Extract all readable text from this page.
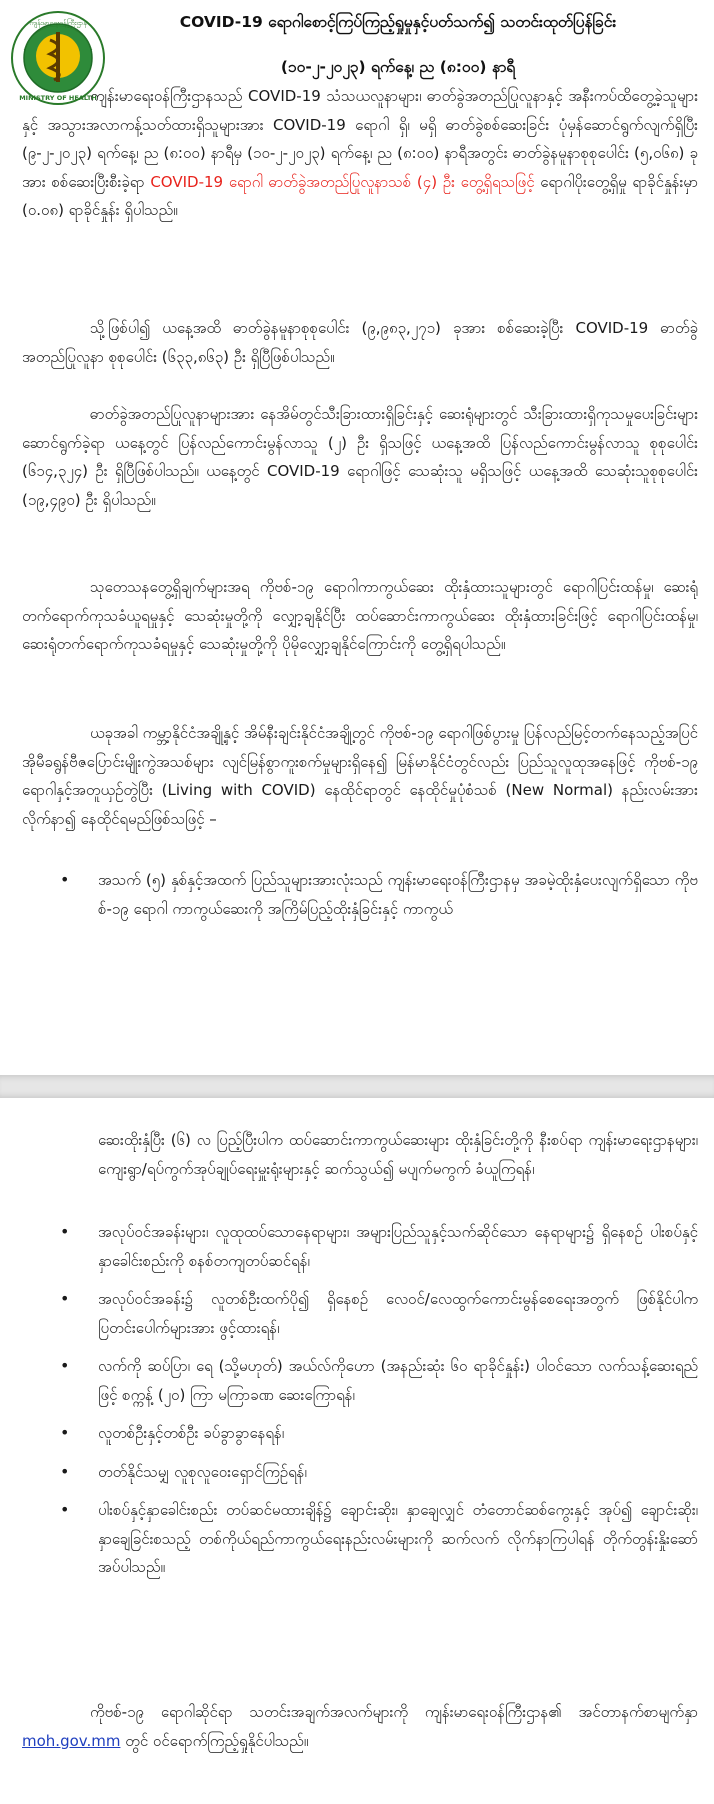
ကျန်းမာရေးဝန်ကြီးဌာန
MINISTRY OF HEALTH
COVID-19 ရောဂါစောင့်ကြပ်ကြည့်ရှုမှုနှင့်ပတ်သက်၍ သတင်းထုတ်ပြန်ခြင်း
(၁၀-၂-၂၀၂၃) ရက်နေ့၊ ည (၈:၀၀) နာရီ

ကျန်းမာရေးဝန်ကြီးဌာနသည် COVID-19 သံသယလူနာများ၊ ဓာတ်ခွဲအတည်ပြုလူနာနှင့် အနီးကပ်ထိတွေ့ခဲ့သူများနှင့် အသွားအလာကန့်သတ်ထားရှိသူများအား COVID-19 ရောဂါ ရှိ၊ မရှိ ဓာတ်ခွဲစစ်ဆေးခြင်း ပုံမှန်ဆောင်ရွက်လျက်ရှိပြီး (၉-၂-၂၀၂၃) ရက်နေ့၊ ည (၈:၀၀) နာရီမှ (၁၀-၂-၂၀၂၃) ရက်နေ့၊ ည (၈:၀၀) နာရီအတွင်း ဓာတ်ခွဲနမူနာစုစုပေါင်း (၅,၀၆၈) ခုအား စစ်ဆေးပြီးစီးခဲ့ရာ COVID-19 ရောဂါ ဓာတ်ခွဲအတည်ပြုလူနာသစ် (၄) ဦး တွေ့ရှိရသဖြင့် ရောဂါပိုးတွေ့ရှိမှု ရာခိုင်နှုန်းမှာ (၀.၀၈) ရာခိုင်နှုန်း ရှိပါသည်။

သို့ဖြစ်ပါ၍ ယနေ့အထိ ဓာတ်ခွဲနမူနာစုစုပေါင်း (၉,၉၈၃,၂၇၁) ခုအား စစ်ဆေးခဲ့ပြီး COVID-19 ဓာတ်ခွဲအတည်ပြုလူနာ စုစုပေါင်း (၆၃၃,၈၆၃) ဦး ရှိပြီဖြစ်ပါသည်။

ဓာတ်ခွဲအတည်ပြုလူနာများအား နေအိမ်တွင်သီးခြားထားရှိခြင်းနှင့် ဆေးရုံများတွင် သီးခြားထားရှိကုသမှုပေးခြင်းများ ဆောင်ရွက်ခဲ့ရာ ယနေ့တွင် ပြန်လည်ကောင်းမွန်လာသူ (၂) ဦး ရှိသဖြင့် ယနေ့အထိ ပြန်လည်ကောင်းမွန်လာသူ စုစုပေါင်း (၆၁၄,၃၂၄) ဦး ရှိပြီဖြစ်ပါသည်။ ယနေ့တွင် COVID-19 ရောဂါဖြင့် သေဆုံးသူ မရှိသဖြင့် ယနေ့အထိ သေဆုံးသူစုစုပေါင်း (၁၉,၄၉၀) ဦး ရှိပါသည်။

သုတေသနတွေ့ရှိချက်များအရ ကိုဗစ်-၁၉ ရောဂါကာကွယ်ဆေး ထိုးနှံထားသူများတွင် ရောဂါပြင်းထန်မှု၊ ဆေးရုံတက်ရောက်ကုသခံယူရမှုနှင့် သေဆုံးမှုတို့ကို လျှော့ချနိုင်ပြီး ထပ်ဆောင်းကာကွယ်ဆေး ထိုးနှံထားခြင်းဖြင့် ရောဂါပြင်းထန်မှု၊ ဆေးရုံတက်ရောက်ကုသခံရမှုနှင့် သေဆုံးမှုတို့ကို ပိုမိုလျှော့ချနိုင်ကြောင်းကို တွေ့ရှိရပါသည်။

ယခုအခါ ကမ္ဘာ့နိုင်ငံအချို့နှင့် အိမ်နီးချင်းနိုင်ငံအချို့တွင် ကိုဗစ်-၁၉ ရောဂါဖြစ်ပွားမှု ပြန်လည်မြင့်တက်နေသည့်အပြင် အိုမီခရွန်ဗီဇပြောင်းမျိုးကွဲအသစ်များ လျင်မြန်စွာကူးစက်မှုများရှိနေ၍ မြန်မာနိုင်ငံတွင်လည်း ပြည်သူလူထုအနေဖြင့် ကိုဗစ်-၁၉ ရောဂါနှင့်အတူယှဉ်တွဲပြီး (Living with COVID) နေထိုင်ရာတွင် နေထိုင်မှုပုံစံသစ် (New Normal) နည်းလမ်းအား လိုက်နာ၍ နေထိုင်ရမည်ဖြစ်သဖြင့် –

• အသက် (၅) နှစ်နှင့်အထက် ပြည်သူများအားလုံးသည် ကျန်းမာရေးဝန်ကြီးဌာနမှ အခမဲ့ထိုးနှံပေးလျက်ရှိသော ကိုဗစ်-၁၉ ရောဂါ ကာကွယ်ဆေးကို အကြိမ်ပြည့်ထိုးနှံခြင်းနှင့် ကာကွယ်
ဆေးထိုးနှံပြီး (၆) လ ပြည့်ပြီးပါက ထပ်ဆောင်းကာကွယ်ဆေးများ ထိုးနှံခြင်းတို့ကို နီးစပ်ရာ ကျန်းမာရေးဌာနများ၊ ကျေးရွာ/ရပ်ကွက်အုပ်ချုပ်ရေးမှူးရုံးများနှင့် ဆက်သွယ်၍ မပျက်မကွက် ခံယူကြရန်၊
• အလုပ်ဝင်အခန်းများ၊ လူထုထပ်သောနေရာများ၊ အများပြည်သူနှင့်သက်ဆိုင်သော နေရာများ၌ ရှိနေစဉ် ပါးစပ်နှင့်နှာခေါင်းစည်းကို စနစ်တကျတပ်ဆင်ရန်၊
• အလုပ်ဝင်အခန်း၌ လူတစ်ဦးထက်ပို၍ ရှိနေစဉ် လေဝင်/လေထွက်ကောင်းမွန်စေရေးအတွက် ဖြစ်နိုင်ပါက ပြတင်းပေါက်များအား ဖွင့်ထားရန်၊
• လက်ကို ဆပ်ပြာ၊ ရေ (သို့မဟုတ်) အယ်လ်ကိုဟော (အနည်းဆုံး ၆၀ ရာခိုင်နှုန်း) ပါဝင်သော လက်သန့်ဆေးရည်ဖြင့် စက္ကန့် (၂၀) ကြာ မကြာခဏ ဆေးကြောရန်၊
• လူတစ်ဦးနှင့်တစ်ဦး ခပ်ခွာခွာနေရန်၊
• တတ်နိုင်သမျှ လူစုလူဝေးရှောင်ကြဉ်ရန်၊
• ပါးစပ်နှင့်နှာခေါင်းစည်း တပ်ဆင်မထားချိန်၌ ချောင်းဆိုး၊ နှာချေလျှင် တံတောင်ဆစ်ကွေးနှင့် အုပ်၍ ချောင်းဆိုး၊ နှာချေခြင်းစသည့် တစ်ကိုယ်ရည်ကာကွယ်ရေးနည်းလမ်းများကို ဆက်လက် လိုက်နာကြပါရန် တိုက်တွန်းနှိုးဆော်အပ်ပါသည်။

ကိုဗစ်-၁၉ ရောဂါဆိုင်ရာ သတင်းအချက်အလက်များကို ကျန်းမာရေးဝန်ကြီးဌာန၏ အင်တာနက်စာမျက်နှာ moh.gov.mm တွင် ဝင်ရောက်ကြည့်ရှုနိုင်ပါသည်။
